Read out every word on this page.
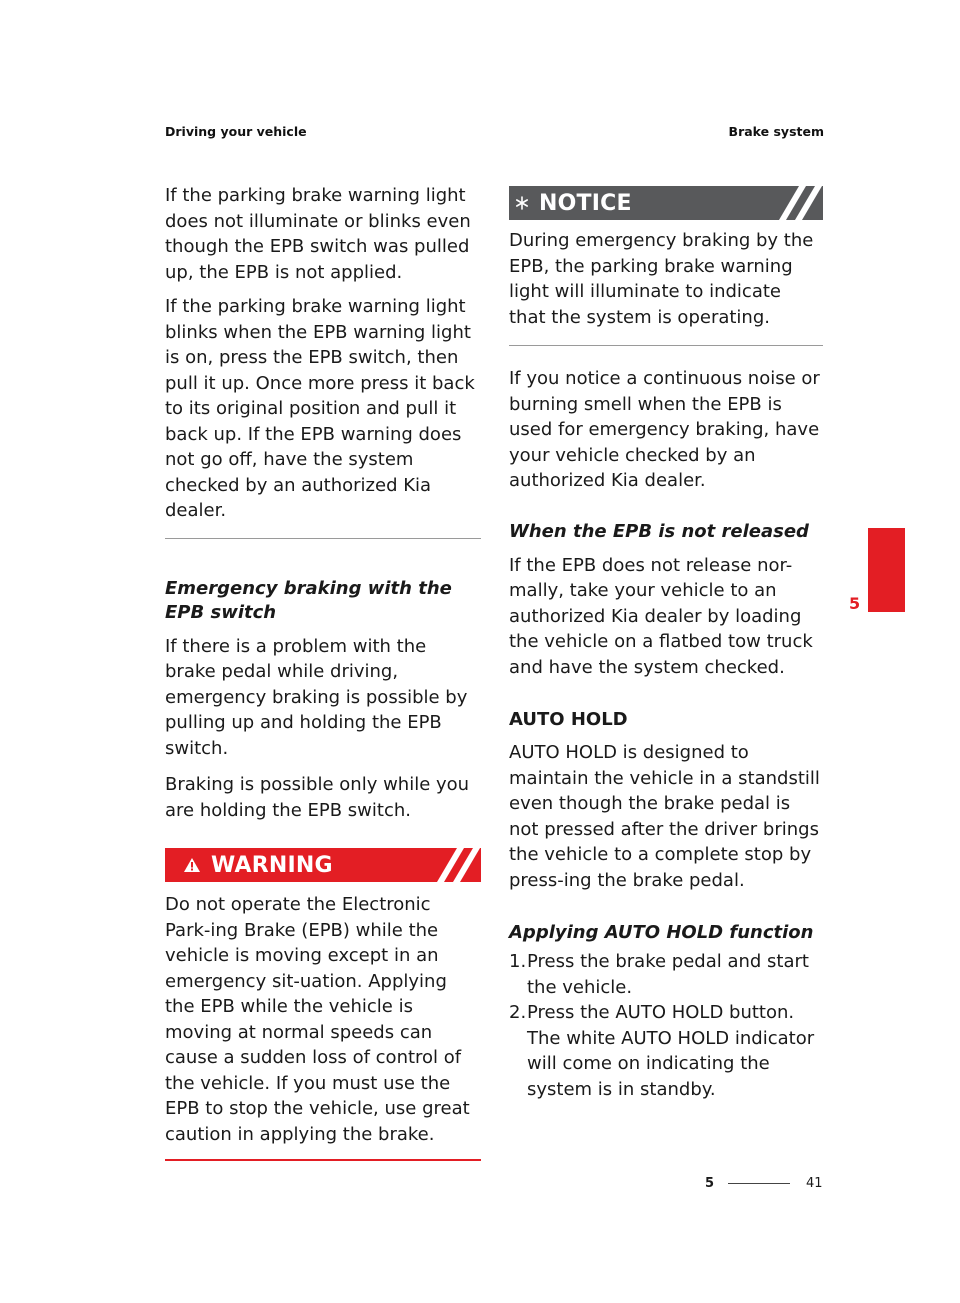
Driving your vehicle	Brake system

If the parking brake warning light does not illuminate or blinks even though the EPB switch was pulled up, the EPB is not applied.

If the parking brake warning light blinks when the EPB warning light is on, press the EPB switch, then pull it up. Once more press it back to its original position and pull it back up. If the EPB warning does not go off, have the system checked by an authorized Kia dealer.

Emergency braking with the EPB switch

If there is a problem with the brake pedal while driving, emergency braking is possible by pulling up and holding the EPB switch.

Braking is possible only while you are holding the EPB switch.

WARNING

Do not operate the Electronic Park-ing Brake (EPB) while the vehicle is moving except in an emergency sit-uation. Applying the EPB while the vehicle is moving at normal speeds can cause a sudden loss of control of the vehicle. If you must use the EPB to stop the vehicle, use great caution in applying the brake.

NOTICE

During emergency braking by the EPB, the parking brake warning light will illuminate to indicate that the system is operating.

If you notice a continuous noise or burning smell when the EPB is used for emergency braking, have your vehicle checked by an authorized Kia dealer.

When the EPB is not released

If the EPB does not release nor-mally, take your vehicle to an authorized Kia dealer by loading the vehicle on a flatbed tow truck and have the system checked.

AUTO HOLD

AUTO HOLD is designed to maintain the vehicle in a standstill even though the brake pedal is not pressed after the driver brings the vehicle to a complete stop by press-ing the brake pedal.

Applying AUTO HOLD function
1. Press the brake pedal and start the vehicle.
2. Press the AUTO HOLD button. The white AUTO HOLD indicator will come on indicating the system is in standby.
5
5	41
